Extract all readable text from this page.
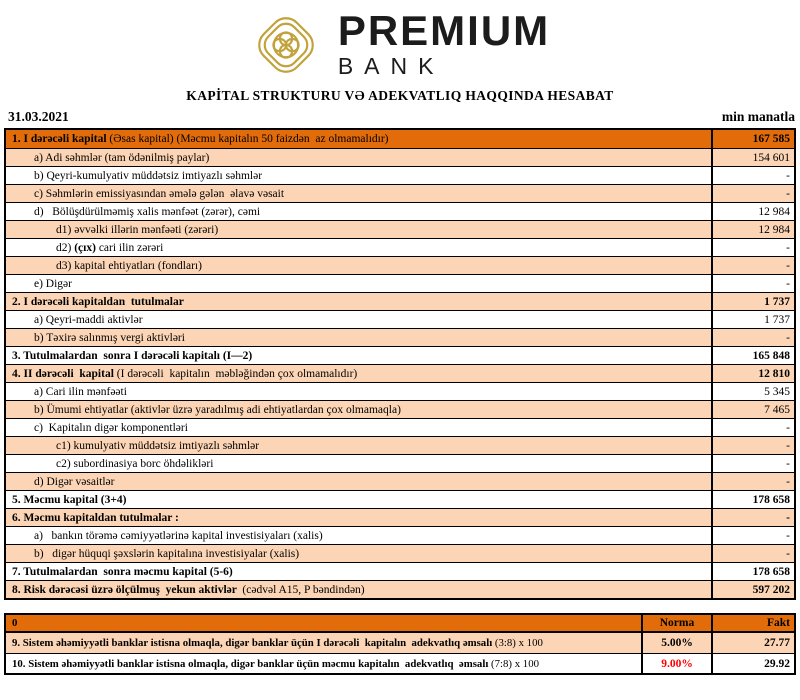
PREMIUM
BANK
KAPİTAL STRUKTURU VƏ ADEKVATLIQ HAQQINDA HESABAT
31.03.2021	min manatla
1. I dərəcəli kapital (Əsas kapital) (Məcmu kapitalın 50 faizdən  az olmamalıdır)	167 585
a) Adi səhmlər (tam ödənilmiş paylar)	154 601
b) Qeyri-kumulyativ müddətsiz imtiyazlı səhmlər	-
c) Səhmlərin emissiyasından əmələ gələn  əlavə vəsait	-
d)   Bölüşdürülməmiş xalis mənfəət (zərər), cəmi	12 984
d1) əvvəlki illərin mənfəəti (zərəri)	12 984
d2) (çıx) cari ilin zərəri	-
d3) kapital ehtiyatları (fondları)	-
e) Digər	-
2. I dərəcəli kapitaldan  tutulmalar	1 737
a) Qeyri-maddi aktivlər	1 737
b) Təxirə salınmış vergi aktivləri	-
3. Tutulmalardan  sonra I dərəcəli kapitalı (I—2)	165 848
4. II dərəcəli  kapital (I dərəcəli  kapitalın  məbləğindən çox olmamalıdır)	12 810
a) Cari ilin mənfəəti	5 345
b) Ümumi ehtiyatlar (aktivlər üzrə yaradılmış adi ehtiyatlardan çox olmamaqla)	7 465
c)  Kapitalın digər komponentləri	-
c1) kumulyativ müddətsiz imtiyazlı səhmlər	-
c2) subordinasiya borc öhdəlikləri	-
d) Digər vəsaitlər	-
5. Məcmu kapital (3+4)	178 658
6. Məcmu kapitaldan tutulmalar :	-
a)   bankın törəmə cəmiyyətlərinə kapital investisiyaları (xalis)	-
b)   digər hüquqi şəxslərin kapitalına investisiyalar (xalis)	-
7. Tutulmalardan  sonra məcmu kapital (5-6)	178 658
8. Risk dərəcəsi üzrə ölçülmuş  yekun aktivlər (cədvəl A15, P bəndindən)	597 202
0	Norma	Fakt
9. Sistem əhəmiyyətli banklar istisna olmaqla, digər banklar üçün I dərəcəli  kapitalın  adekvatlıq əmsalı (3:8) x 100	5.00%	27.77
10. Sistem əhəmiyyətli banklar istisna olmaqla, digər banklar üçün məcmu kapitalın  adekvatlıq  əmsalı (7:8) x 100	9.00%	29.92
